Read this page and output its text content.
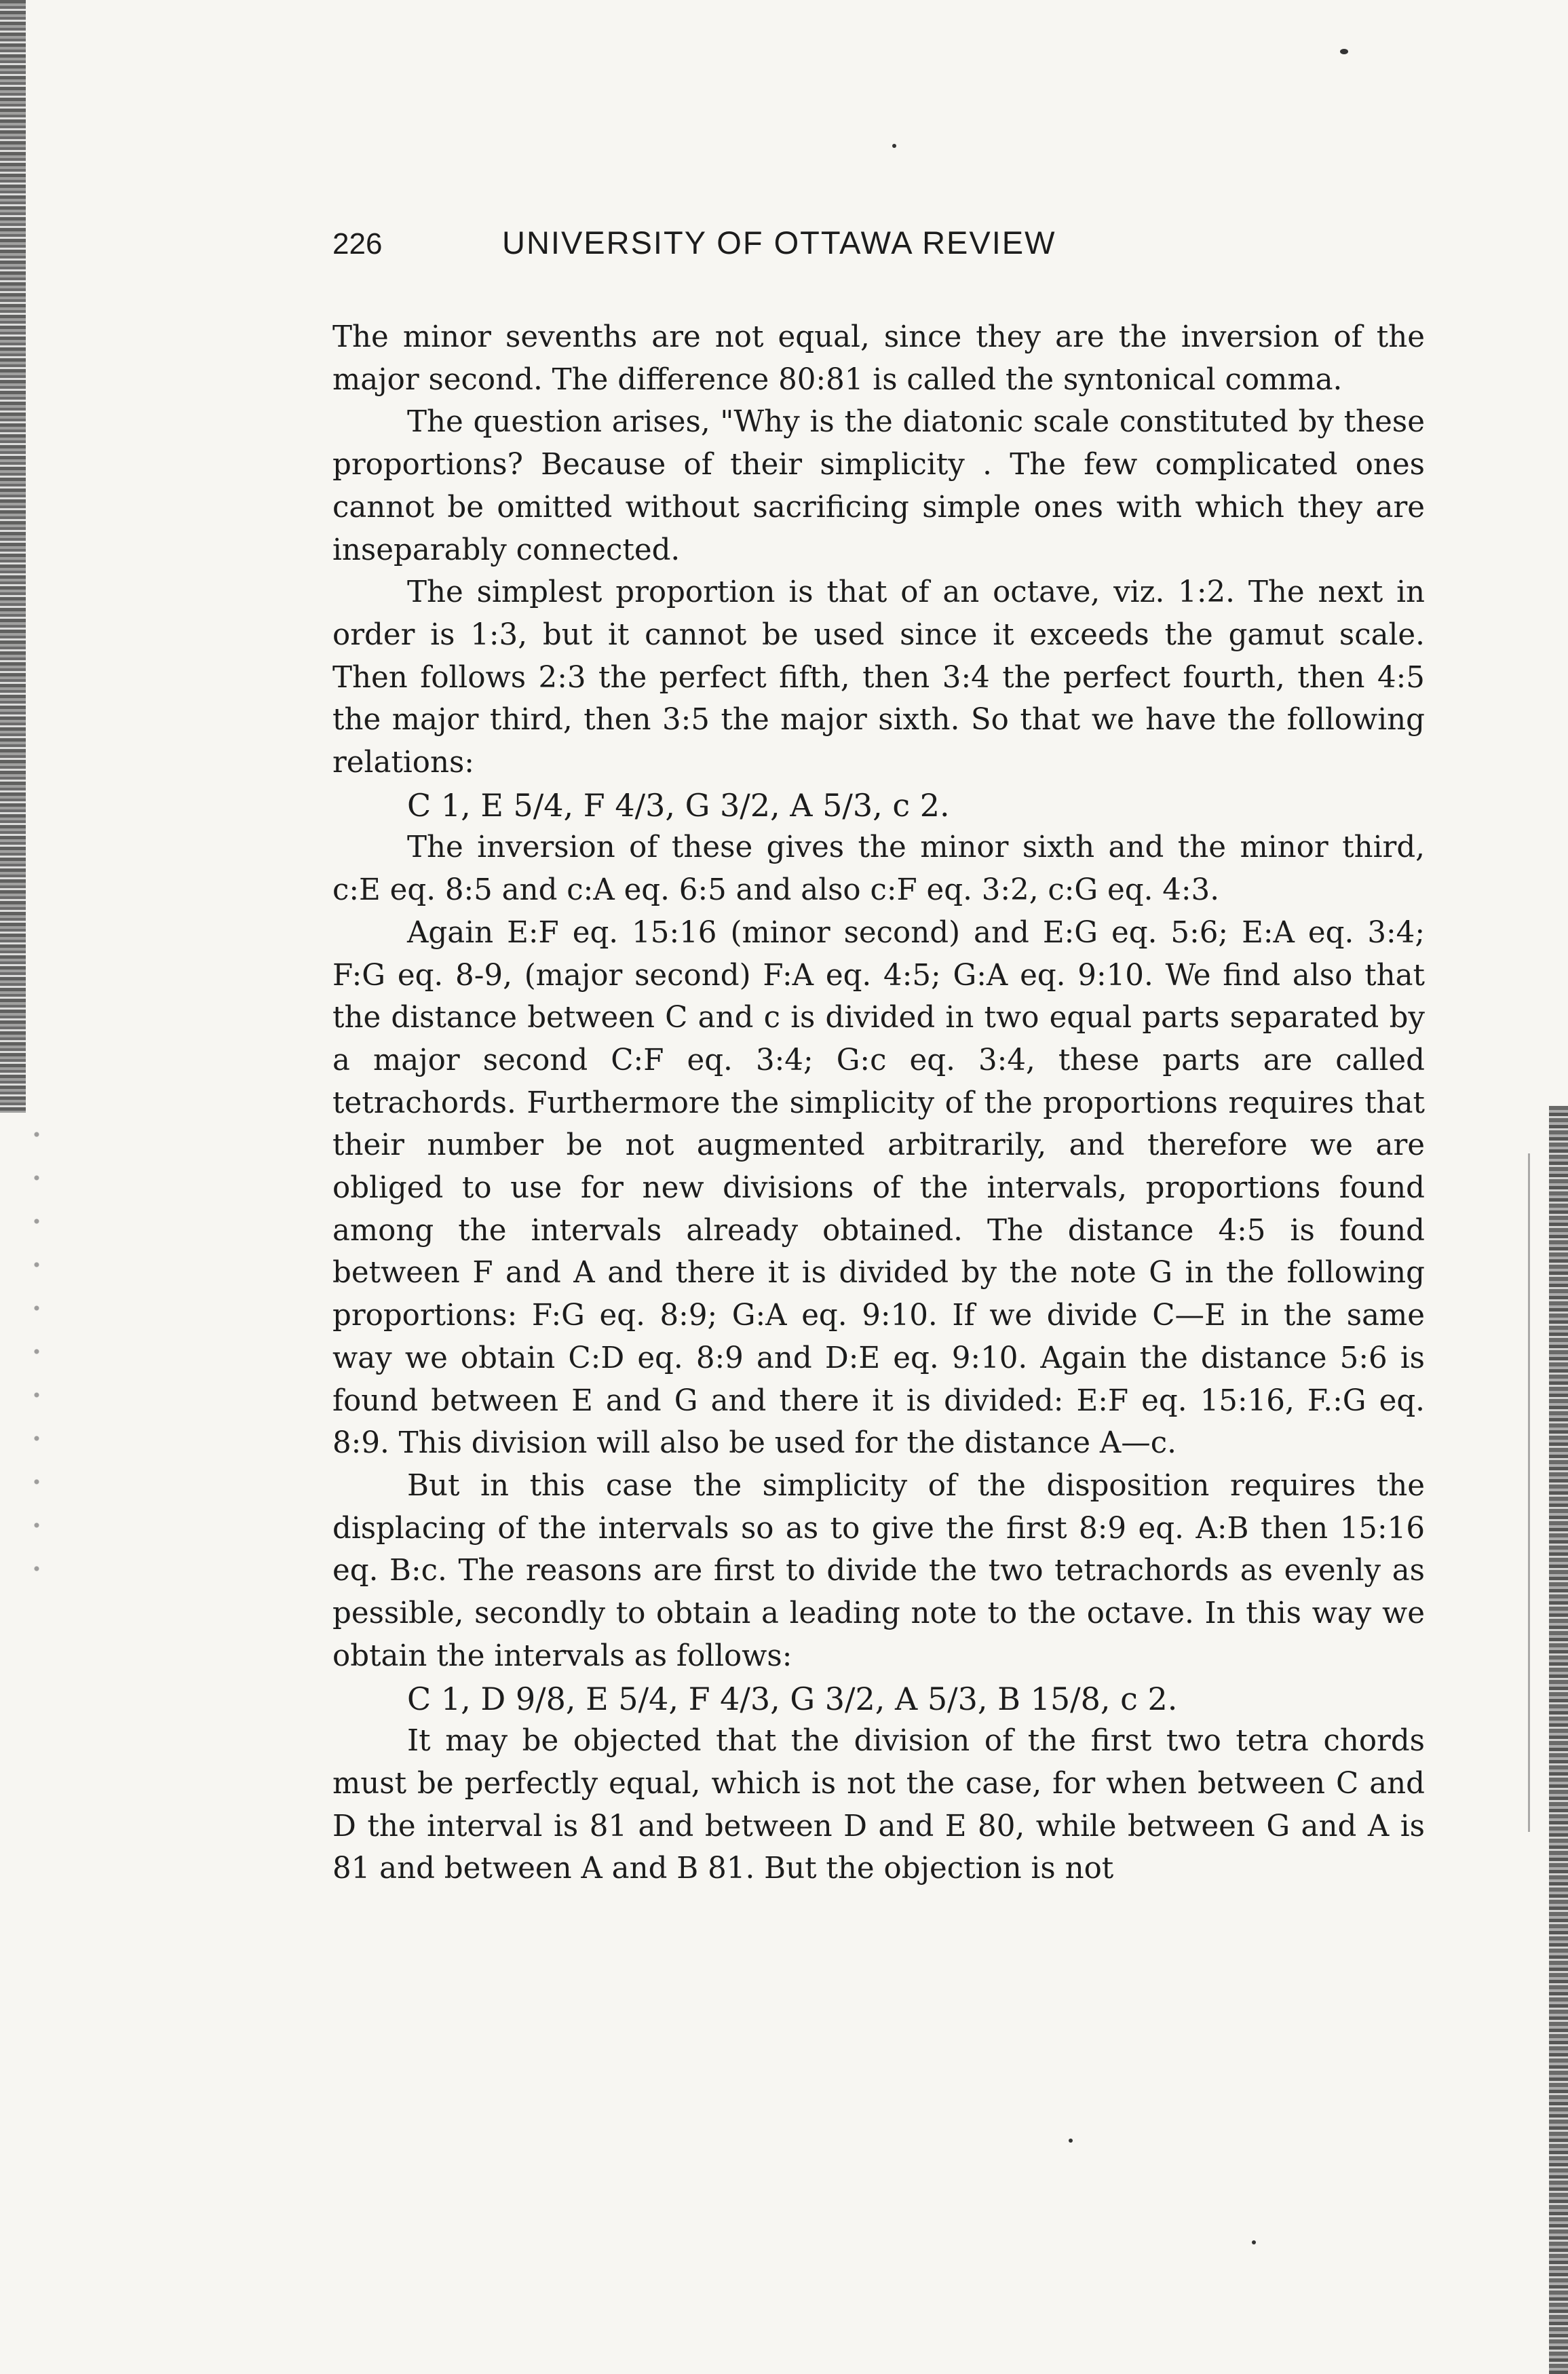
226	UNIVERSITY OF OTTAWA REVIEW

The minor sevenths are not equal, since they are the inversion of the major second. The difference 80:81 is called the syntonical comma.

The question arises, "Why is the diatonic scale constituted by these proportions? Because of their simplicity . The few complicated ones cannot be omitted without sacrificing simple ones with which they are inseparably connected.

The simplest proportion is that of an octave, viz. 1:2. The next in order is 1:3, but it cannot be used since it exceeds the gamut scale. Then follows 2:3 the perfect fifth, then 3:4 the perfect fourth, then 4:5 the major third, then 3:5 the major sixth. So that we have the following relations:

C 1, E 5/4, F 4/3, G 3/2, A 5/3, c 2.

The inversion of these gives the minor sixth and the minor third, c:E eq. 8:5 and c:A eq. 6:5 and also c:F eq. 3:2, c:G eq. 4:3.

Again E:F eq. 15:16 (minor second) and E:G eq. 5:6; E:A eq. 3:4; F:G eq. 8-9, (major second) F:A eq. 4:5; G:A eq. 9:10. We find also that the distance between C and c is divided in two equal parts separated by a major second C:F eq. 3:4; G:c eq. 3:4, these parts are called tetrachords. Furthermore the simplicity of the proportions requires that their number be not augmented arbitrarily, and therefore we are obliged to use for new divisions of the intervals, proportions found among the intervals already obtained. The distance 4:5 is found between F and A and there it is divided by the note G in the following proportions: F:G eq. 8:9; G:A eq. 9:10. If we divide C—E in the same way we obtain C:D eq. 8:9 and D:E eq. 9:10. Again the distance 5:6 is found between E and G and there it is divided: E:F eq. 15:16, F.:G eq. 8:9. This division will also be used for the distance A—c.

But in this case the simplicity of the disposition requires the displacing of the intervals so as to give the first 8:9 eq. A:B then 15:16 eq. B:c. The reasons are first to divide the two tetrachords as evenly as pessible, secondly to obtain a leading note to the octave. In this way we obtain the intervals as follows:

C 1, D 9/8, E 5/4, F 4/3, G 3/2, A 5/3, B 15/8, c 2.

It may be objected that the division of the first two tetra chords must be perfectly equal, which is not the case, for when between C and D the interval is 81 and between D and E 80, while between G and A is 81 and between A and B 81. But the objection is not
